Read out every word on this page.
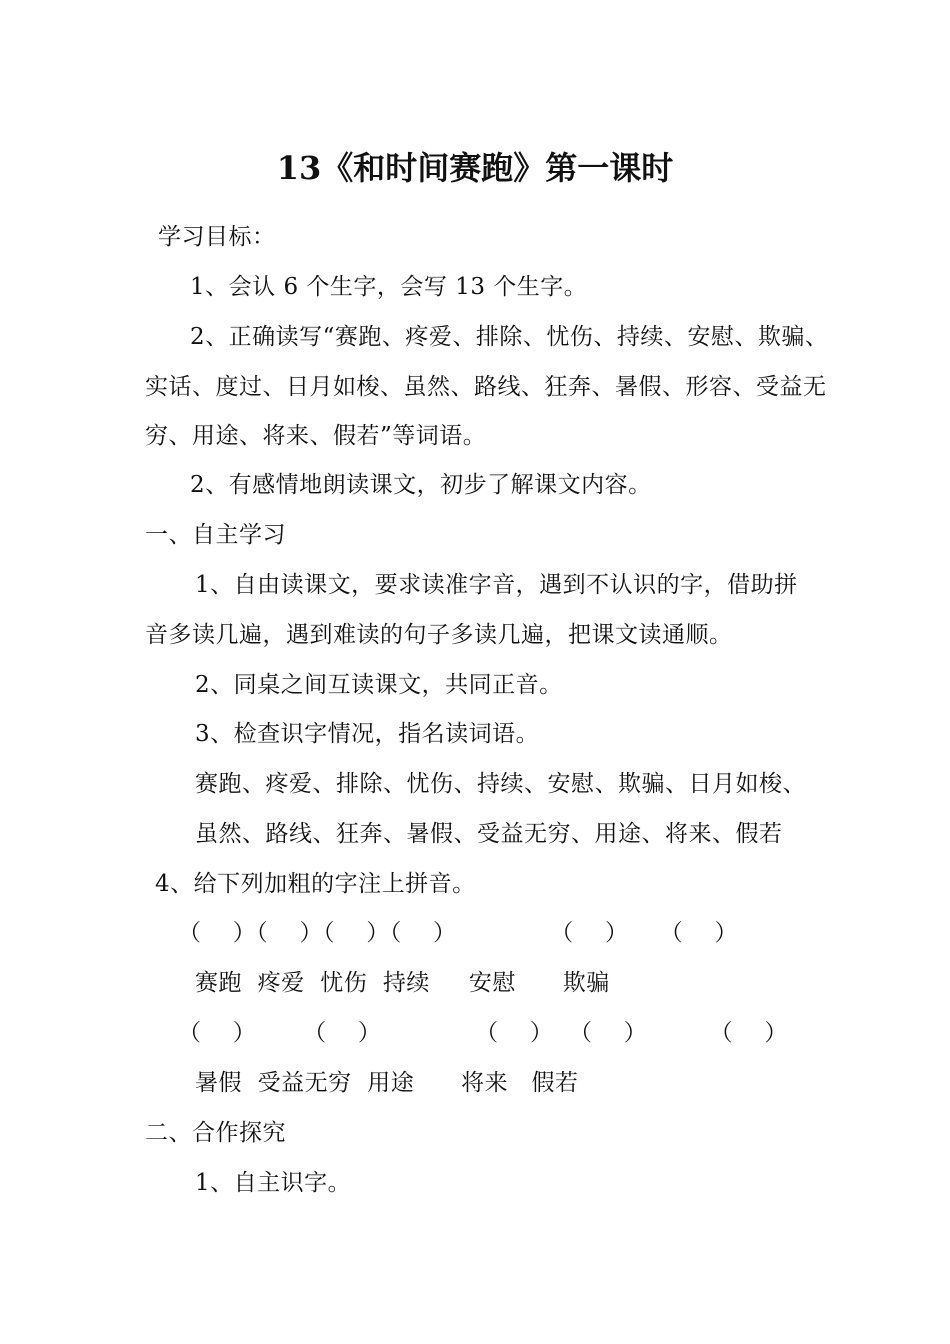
13《和时间赛跑》第一课时
学习目标：
1、会认 6 个生字，会写 13 个生字。
2、正确读写“赛跑、疼爱、排除、忧伤、持续、安慰、欺骗、
实话、度过、日月如梭、虽然、路线、狂奔、暑假、形容、受益无
穷、用途、将来、假若”等词语。
2、有感情地朗读课文，初步了解课文内容。
一、自主学习
1、自由读课文，要求读准字音，遇到不认识的字，借助拼
音多读几遍，遇到难读的句子多读几遍，把课文读通顺。
2、同桌之间互读课文，共同正音。
3、检查识字情况，指名读词语。
赛跑、疼爱、排除、忧伤、持续、安慰、欺骗、日月如梭、
虽然、路线、狂奔、暑假、受益无穷、用途、将来、假若
4、给下列加粗的字注上拼音。
（    ）（    ）（    ）（    ）            （    ）    （    ）
赛跑  疼爱  忧伤  持续     安慰      欺骗
（    ）      （    ）            （    ）  （    ）        （    ）
暑假  受益无穷  用途      将来   假若
二、合作探究
1、自主识字。
